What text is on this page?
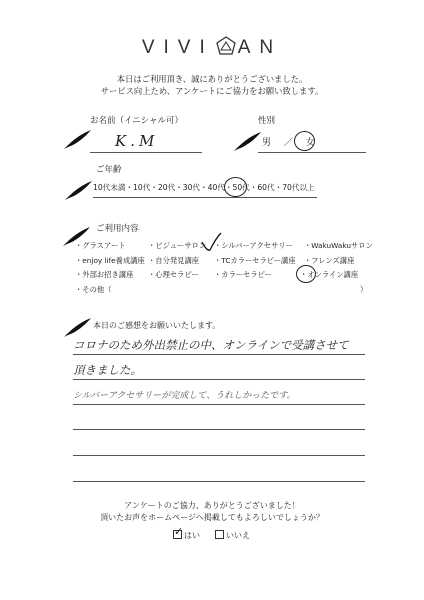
VIVI AN
本日はご利用頂き、誠にありがとうございました。
サービス向上ため、アンケートにご協力をお願い致します。
お名前（イニシャル可）
K.M
性別
男 ／ 女
ご年齢
10代未満・10代・20代・30代・40代・50代・60代・70代以上
ご利用内容
・グラスアート	・ビジューサロン ・シルバーアクセサリー ・WakuWakuサロン
・enjoy life養成講座 ・自分発見講座 ・TCカラーセラピー講座 ・フレンズ講座
・外部お招き講座 ・心理セラピー ・カラーセラピー	・オンライン講座
・その他（	）
本日のご感想をお願いいたします。
コロナのため外出禁止の中、オンラインで受講させて
頂きました。
シルバーアクセサリーが完成して、うれしかったです。
アンケートのご協力、ありがとうございました！
頂いたお声をホームページへ掲載してもよろしいでしょうか？
✓はい	いいえ
